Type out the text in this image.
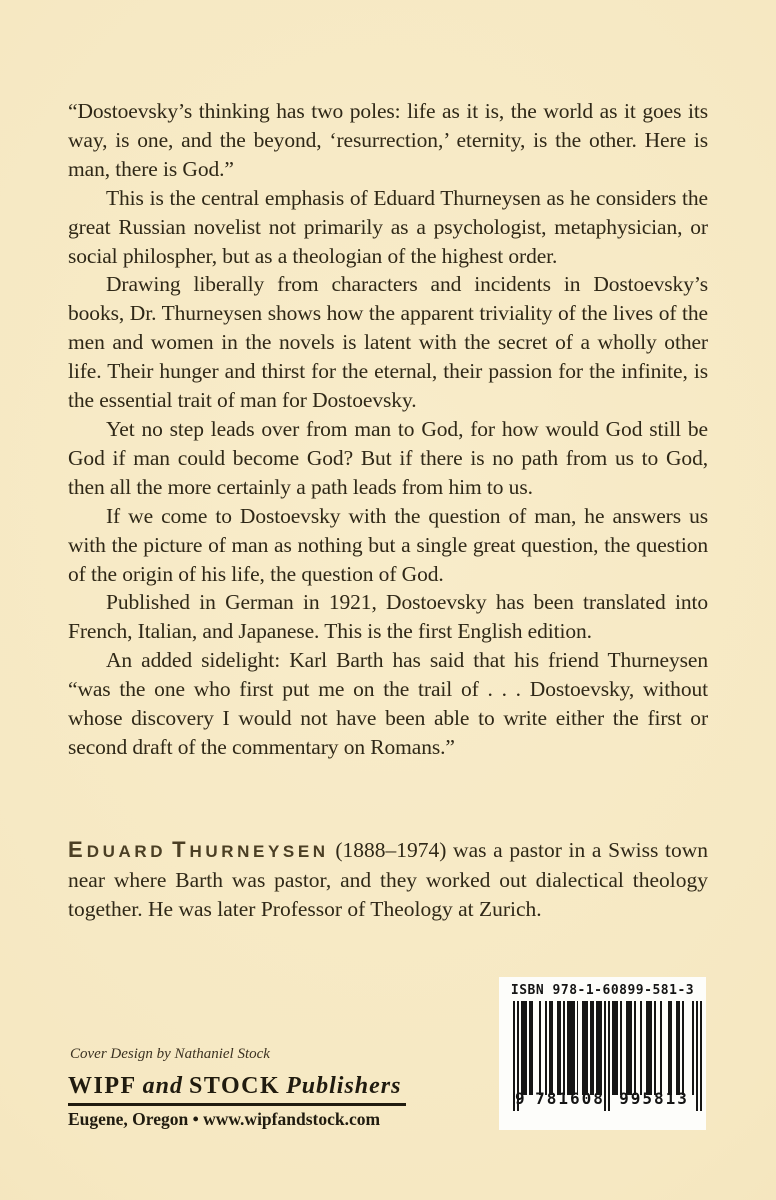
“Dostoevsky’s thinking has two poles: life as it is, the world as it goes its way, is one, and the beyond, ‘resurrection,’ eternity, is the other. Here is man, there is God.”

This is the central emphasis of Eduard Thurneysen as he considers the great Russian novelist not primarily as a psychologist, metaphysician, or social philospher, but as a theologian of the highest order.

Drawing liberally from characters and incidents in Dostoevsky’s books, Dr. Thurneysen shows how the apparent triviality of the lives of the men and women in the novels is latent with the secret of a wholly other life. Their hunger and thirst for the eternal, their passion for the infinite, is the essential trait of man for Dostoevsky.

Yet no step leads over from man to God, for how would God still be God if man could become God? But if there is no path from us to God, then all the more certainly a path leads from him to us.

If we come to Dostoevsky with the question of man, he answers us with the picture of man as nothing but a single great question, the question of the origin of his life, the question of God.

Published in German in 1921, Dostoevsky has been translated into French, Italian, and Japanese. This is the first English edition.

An added sidelight: Karl Barth has said that his friend Thurneysen “was the one who first put me on the trail of . . . Dostoevsky, without whose discovery I would not have been able to write either the first or second draft of the commentary on Romans.”

EDUARD THURNEYSEN (1888–1974) was a pastor in a Swiss town near where Barth was pastor, and they worked out dialectical theology together. He was later Professor of Theology at Zurich.
Cover Design by Nathaniel Stock
WIPF and STOCK Publishers
Eugene, Oregon • www.wipfandstock.com
ISBN 978-1-60899-581-3
9 781608 995813
